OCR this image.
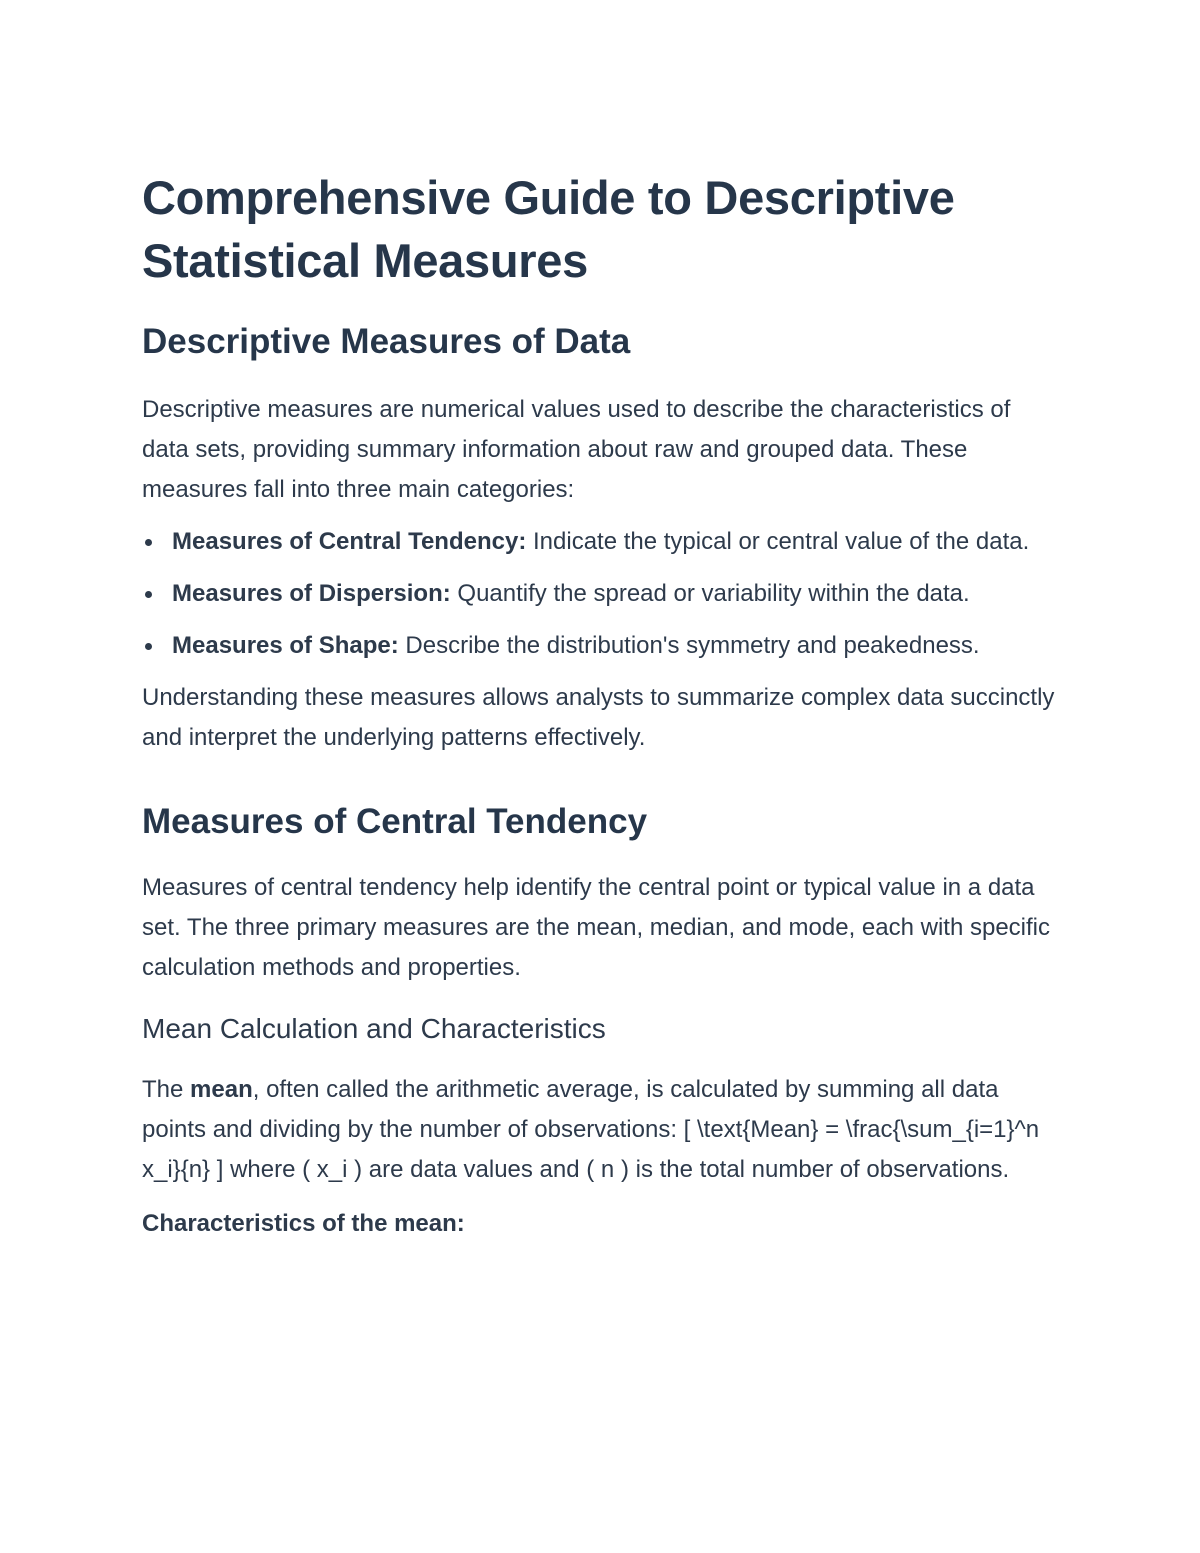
Comprehensive Guide to Descriptive Statistical Measures
Descriptive Measures of Data

Descriptive measures are numerical values used to describe the characteristics of data sets, providing summary information about raw and grouped data. These measures fall into three main categories:

Measures of Central Tendency: Indicate the typical or central value of the data.
Measures of Dispersion: Quantify the spread or variability within the data.
Measures of Shape: Describe the distribution's symmetry and peakedness.

Understanding these measures allows analysts to summarize complex data succinctly and interpret the underlying patterns effectively.

Measures of Central Tendency

Measures of central tendency help identify the central point or typical value in a data set. The three primary measures are the mean, median, and mode, each with specific calculation methods and properties.

Mean Calculation and Characteristics

The mean, often called the arithmetic average, is calculated by summing all data points and dividing by the number of observations: [ \text{Mean} = \frac{\sum_{i=1}^n x_i}{n} ] where ( x_i ) are data values and ( n ) is the total number of observations.

Characteristics of the mean:
